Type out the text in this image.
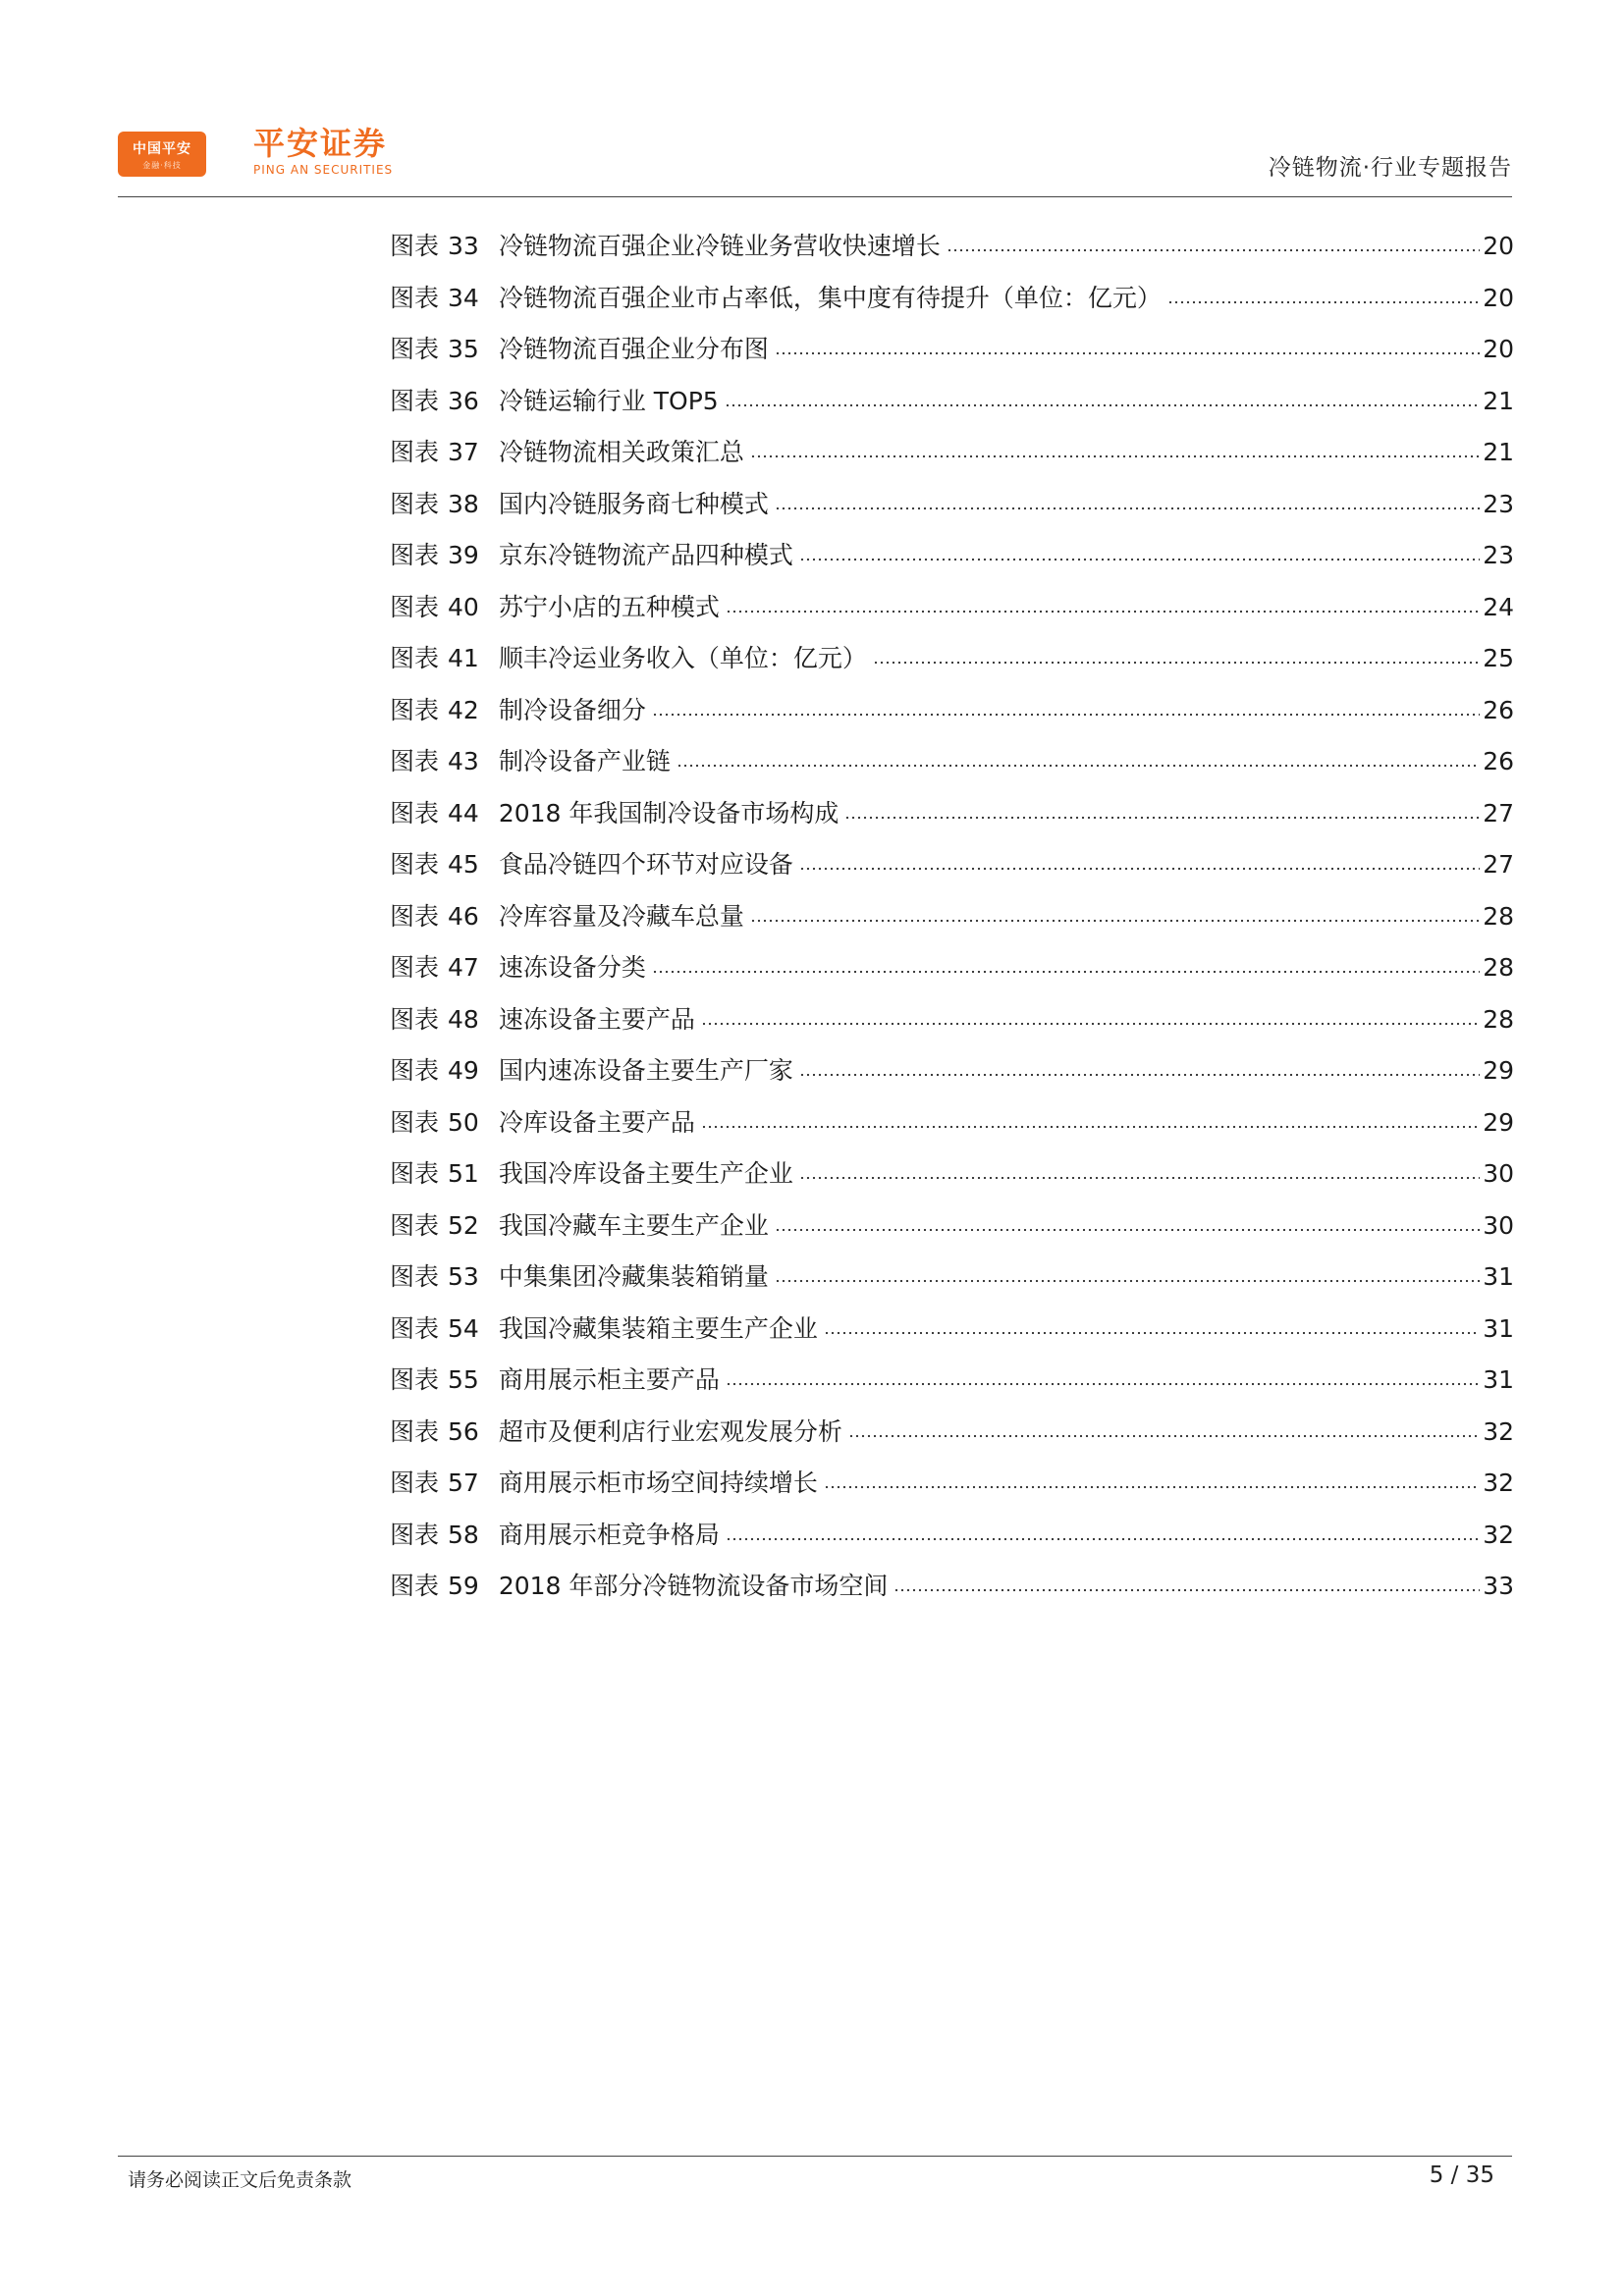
中国平安
金融·科技
平安证券
PING AN SECURITIES	冷链物流·行业专题报告
图表 33 冷链物流百强企业冷链业务营收快速增长	20
图表 34 冷链物流百强企业市占率低，集中度有待提升（单位：亿元）	20
图表 35 冷链物流百强企业分布图	20
图表 36 冷链运输行业 TOP5	21
图表 37 冷链物流相关政策汇总	21
图表 38 国内冷链服务商七种模式	23
图表 39 京东冷链物流产品四种模式	23
图表 40 苏宁小店的五种模式	24
图表 41 顺丰冷运业务收入（单位：亿元）	25
图表 42 制冷设备细分	26
图表 43 制冷设备产业链	26
图表 44 2018 年我国制冷设备市场构成	27
图表 45 食品冷链四个环节对应设备	27
图表 46 冷库容量及冷藏车总量	28
图表 47 速冻设备分类	28
图表 48 速冻设备主要产品	28
图表 49 国内速冻设备主要生产厂家	29
图表 50 冷库设备主要产品	29
图表 51 我国冷库设备主要生产企业	30
图表 52 我国冷藏车主要生产企业	30
图表 53 中集集团冷藏集装箱销量	31
图表 54 我国冷藏集装箱主要生产企业	31
图表 55 商用展示柜主要产品	31
图表 56 超市及便利店行业宏观发展分析	32
图表 57 商用展示柜市场空间持续增长	32
图表 58 商用展示柜竞争格局	32
图表 59 2018 年部分冷链物流设备市场空间	33
请务必阅读正文后免责条款	5 / 35
